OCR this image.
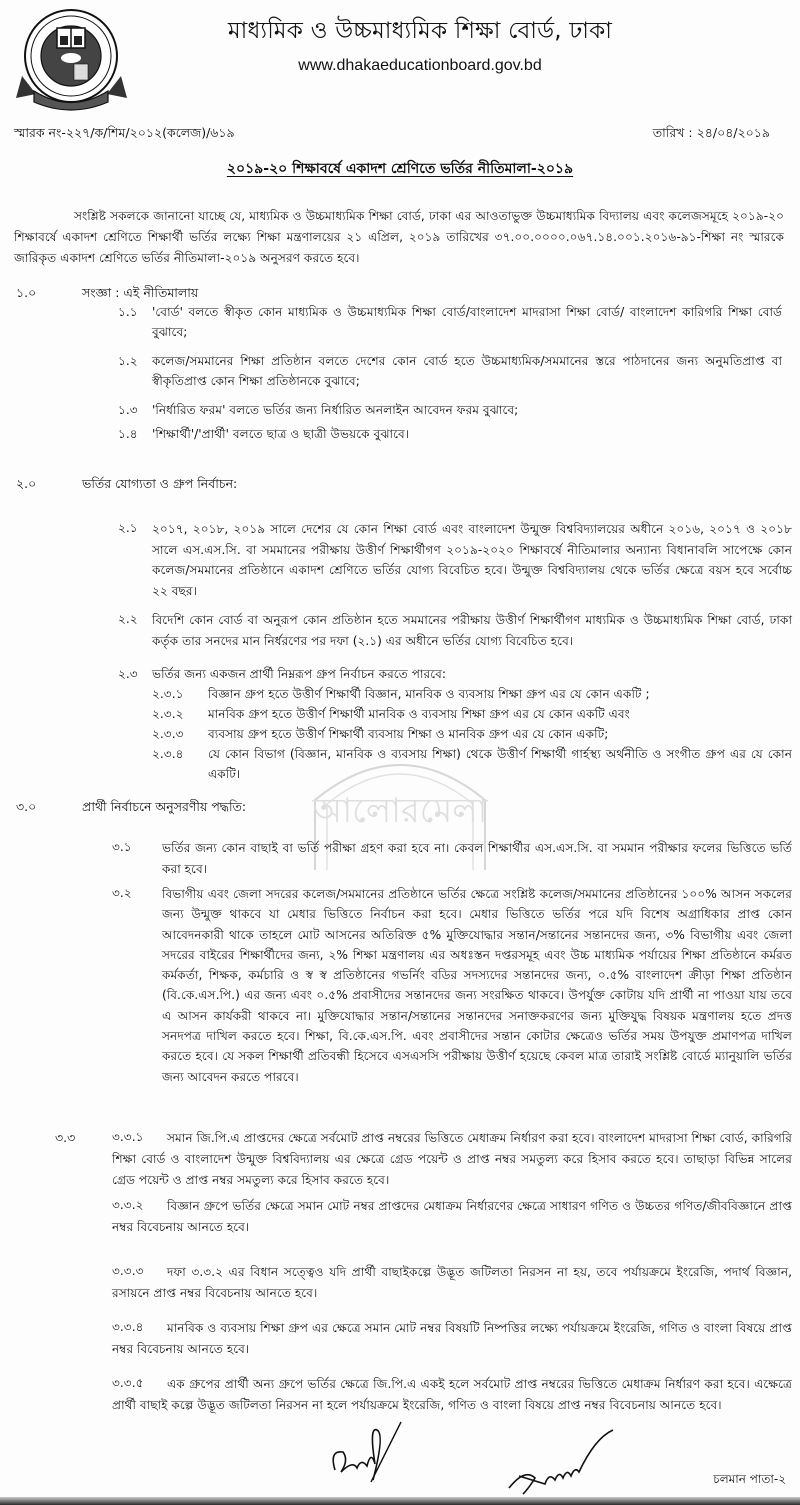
মাধ্যমিক ও উচ্চমাধ্যমিক শিক্ষা বোর্ড, ঢাকা
www.dhakaeducationboard.gov.bd
স্মারক নং-২২৭/ক/শিম/২০১২(কলেজ)/৬১৯	তারিখ : ২৪/০৪/২০১৯
২০১৯-২০ শিক্ষাবর্ষে একাদশ শ্রেণিতে ভর্তির নীতিমালা-২০১৯
সংশ্লিষ্ট সকলকে জানানো যাচ্ছে যে, মাধ্যমিক ও উচ্চমাধ্যমিক শিক্ষা বোর্ড, ঢাকা এর আওতাভুক্ত উচ্চমাধ্যমিক বিদ্যালয় এবং কলেজসমূহে ২০১৯-২০ শিক্ষাবর্ষে একাদশ শ্রেণিতে শিক্ষার্থী ভর্তির লক্ষ্যে শিক্ষা মন্ত্রণালয়ের ২১ এপ্রিল, ২০১৯ তারিখের ৩৭.০০.০০০০.০৬৭.১৪.০০১.২০১৬-৯১-শিক্ষা নং স্মারকে জারিকৃত একাদশ শ্রেণিতে ভর্তির নীতিমালা-২০১৯ অনুসরণ করতে হবে।
১.০	সংজ্ঞা : এই নীতিমালায়
১.১ 'বোর্ড' বলতে স্বীকৃত কোন মাধ্যমিক ও উচ্চমাধ্যমিক শিক্ষা বোর্ড/বাংলাদেশ মাদরাসা শিক্ষা বোর্ড/ বাংলাদেশ কারিগরি শিক্ষা বোর্ড বুঝাবে;
১.২ কলেজ/সমমানের শিক্ষা প্রতিষ্ঠান বলতে দেশের কোন বোর্ড হতে উচ্চমাধ্যমিক/সমমানের স্তরে পাঠদানের জন্য অনুমতিপ্রাপ্ত বা স্বীকৃতিপ্রাপ্ত কোন শিক্ষা প্রতিষ্ঠানকে বুঝাবে;
১.৩ 'নির্ধারিত ফরম' বলতে ভর্তির জন্য নির্ধারিত অনলাইন আবেদন ফরম বুঝাবে;
১.৪ 'শিক্ষার্থী'/'প্রার্থী' বলতে ছাত্র ও ছাত্রী উভয়কে বুঝাবে।
২.০	ভর্তির যোগ্যতা ও গ্রুপ নির্বাচন:
২.১ ২০১৭, ২০১৮, ২০১৯ সালে দেশের যে কোন শিক্ষা বোর্ড এবং বাংলাদেশ উন্মুক্ত বিশ্ববিদ্যালয়ের অধীনে ২০১৬, ২০১৭ ও ২০১৮ সালে এস.এস.সি. বা সমমানের পরীক্ষায় উত্তীর্ণ শিক্ষার্থীগণ ২০১৯-২০২০ শিক্ষাবর্ষে নীতিমালার অন্যান্য বিধানাবলি সাপেক্ষে কোন কলেজ/সমমানের প্রতিষ্ঠানে একাদশ শ্রেণিতে ভর্তির যোগ্য বিবেচিত হবে। উন্মুক্ত বিশ্ববিদ্যালয় থেকে ভর্তির ক্ষেত্রে বয়স হবে সর্বোচ্চ ২২ বছর।
২.২ বিদেশি কোন বোর্ড বা অনুরূপ কোন প্রতিষ্ঠান হতে সমমানের পরীক্ষায় উত্তীর্ণ শিক্ষার্থীগণ মাধ্যমিক ও উচ্চমাধ্যমিক শিক্ষা বোর্ড, ঢাকা কর্তৃক তার সনদের মান নির্ধরণের পর দফা (২.১) এর অধীনে ভর্তির যোগ্য বিবেচিত হবে।
২.৩ ভর্তির জন্য একজন প্রার্থী নিম্নরূপ গ্রুপ নির্বাচন করতে পারবে:
২.৩.১ বিজ্ঞান গ্রুপ হতে উত্তীর্ণ শিক্ষার্থী বিজ্ঞান, মানবিক ও ব্যবসায় শিক্ষা গ্রুপ এর যে কোন একটি ;
২.৩.২ মানবিক গ্রুপ হতে উত্তীর্ণ শিক্ষার্থী মানবিক ও ব্যবসায় শিক্ষা গ্রুপ এর যে কোন একটি এবং
২.৩.৩ ব্যবসায় গ্রুপ হতে উত্তীর্ণ শিক্ষার্থী ব্যবসায় শিক্ষা ও মানবিক গ্রুপ এর যে কোন একটি;
২.৩.৪ যে কোন বিভাগ (বিজ্ঞান, মানবিক ও ব্যবসায় শিক্ষা) থেকে উত্তীর্ণ শিক্ষার্থী গার্হস্থ্য অর্থনীতি ও সংগীত গ্রুপ এর যে কোন একটি।
আলোরমেলা
৩.০	প্রার্থী নির্বাচনে অনুসরণীয় পদ্ধতি:
৩.১ ভর্তির জন্য কোন বাছাই বা ভর্তি পরীক্ষা গ্রহণ করা হবে না। কেবল শিক্ষার্থীর এস.এস.সি. বা সমমান পরীক্ষার ফলের ভিত্তিতে ভর্তি করা হবে।
৩.২ বিভাগীয় এবং জেলা সদরের কলেজ/সমমানের প্রতিষ্ঠানে ভর্তির ক্ষেত্রে সংশ্লিষ্ট কলেজ/সমমানের প্রতিষ্ঠানের ১০০% আসন সকলের জন্য উন্মুক্ত থাকবে যা মেধার ভিত্তিতে নির্বাচন করা হবে। মেধার ভিত্তিতে ভর্তির পরে যদি বিশেষ অগ্রাধিকার প্রাপ্ত কোন আবেদনকারী থাকে তাহলে মোট আসনের অতিরিক্ত ৫% মুক্তিযোদ্ধার সন্তান/সন্তানের সন্তানদের জন্য, ৩% বিভাগীয় এবং জেলা সদরের বাইরের শিক্ষার্থীদের জন্য, ২% শিক্ষা মন্ত্রণালয় এর অধঃস্তন দপ্তরসমূহ এবং উচ্চ মাধ্যমিক পর্যায়ের শিক্ষা প্রতিষ্ঠানে কর্মরত কর্মকর্তা, শিক্ষক, কর্মচারি ও স্ব স্ব প্রতিষ্ঠানের গভর্নিং বডির সদস্যদের সন্তানদের জন্য, ০.৫% বাংলাদেশ ক্রীড়া শিক্ষা প্রতিষ্ঠান (বি.কে.এস.পি.) এর জন্য এবং ০.৫% প্রবাসীদের সন্তানদের জন্য সংরক্ষিত থাকবে। উপর্যুক্ত কোটায় যদি প্রার্থী না পাওয়া যায় তবে এ আসন কার্যকরী থাকবে না। মুক্তিযোদ্ধার সন্তান/সন্তানের সন্তানদের সনাক্তকরণের জন্য মুক্তিযুদ্ধ বিষয়ক মন্ত্রণালয় হতে প্রদত্ত সনদপত্র দাখিল করতে হবে। শিক্ষা, বি.কে.এস.পি. এবং প্রবাসীদের সন্তান কোটার ক্ষেত্রেও ভর্তির সময় উপযুক্ত প্রমাণপত্র দাখিল করতে হবে। যে সকল শিক্ষার্থী প্রতিবন্ধী হিসেবে এসএসসি পরীক্ষায় উত্তীর্ণ হয়েছে কেবল মাত্র তারাই সংশ্লিষ্ট বোর্ডে ম্যানুয়ালি ভর্তির জন্য আবেদন করতে পারবে।
৩.৩	৩.৩.১	সমান জি.পি.এ প্রাপ্তদের ক্ষেত্রে সর্বমোট প্রাপ্ত নম্বরের ভিত্তিতে মেধাক্রম নির্ধারণ করা হবে। বাংলাদেশ মাদরাসা শিক্ষা বোর্ড, কারিগরি শিক্ষা বোর্ড ও বাংলাদেশ উন্মুক্ত বিশ্ববিদ্যালয় এর ক্ষেত্রে গ্রেড পয়েন্ট ও প্রাপ্ত নম্বর সমতুল্য করে হিসাব করতে হবে। তাছাড়া বিভিন্ন সালের গ্রেড পয়েন্ট ও প্রাপ্ত নম্বর সমতুল্য করে হিসাব করতে হবে।
৩.৩.২	বিজ্ঞান গ্রুপে ভর্তির ক্ষেত্রে সমান মোট নম্বর প্রাপ্তদের মেধাক্রম নির্ধারণের ক্ষেত্রে সাধারণ গণিত ও উচ্চতর গণিত/জীববিজ্ঞানে প্রাপ্ত নম্বর বিবেচনায় আনতে হবে।
৩.৩.৩	দফা ৩.৩.২ এর বিধান সত্ত্বেও যদি প্রার্থী বাছাইকল্পে উদ্ভূত জটিলতা নিরসন না হয়, তবে পর্যায়ক্রমে ইংরেজি, পদার্থ বিজ্ঞান, রসায়নে প্রাপ্ত নম্বর বিবেচনায় আনতে হবে।
৩.৩.৪	মানবিক ও ব্যবসায় শিক্ষা গ্রুপ এর ক্ষেত্রে সমান মোট নম্বর বিষয়টি নিষ্পত্তির লক্ষ্যে পর্যায়ক্রমে ইংরেজি, গণিত ও বাংলা বিষয়ে প্রাপ্ত নম্বর বিবেচনায় আনতে হবে।
৩.৩.৫	এক গ্রুপের প্রার্থী অন্য গ্রুপে ভর্তির ক্ষেত্রে জি.পি.এ একই হলে সর্বমোট প্রাপ্ত নম্বরের ভিত্তিতে মেধাক্রম নির্ধারণ করা হবে। এক্ষেত্রে প্রার্থী বাছাই কল্পে উদ্ভূত জটিলতা নিরসন না হলে পর্যায়ক্রমে ইংরেজি, গণিত ও বাংলা বিষয়ে প্রাপ্ত নম্বর বিবেচনায় আনতে হবে।
চলমান পাতা-২
